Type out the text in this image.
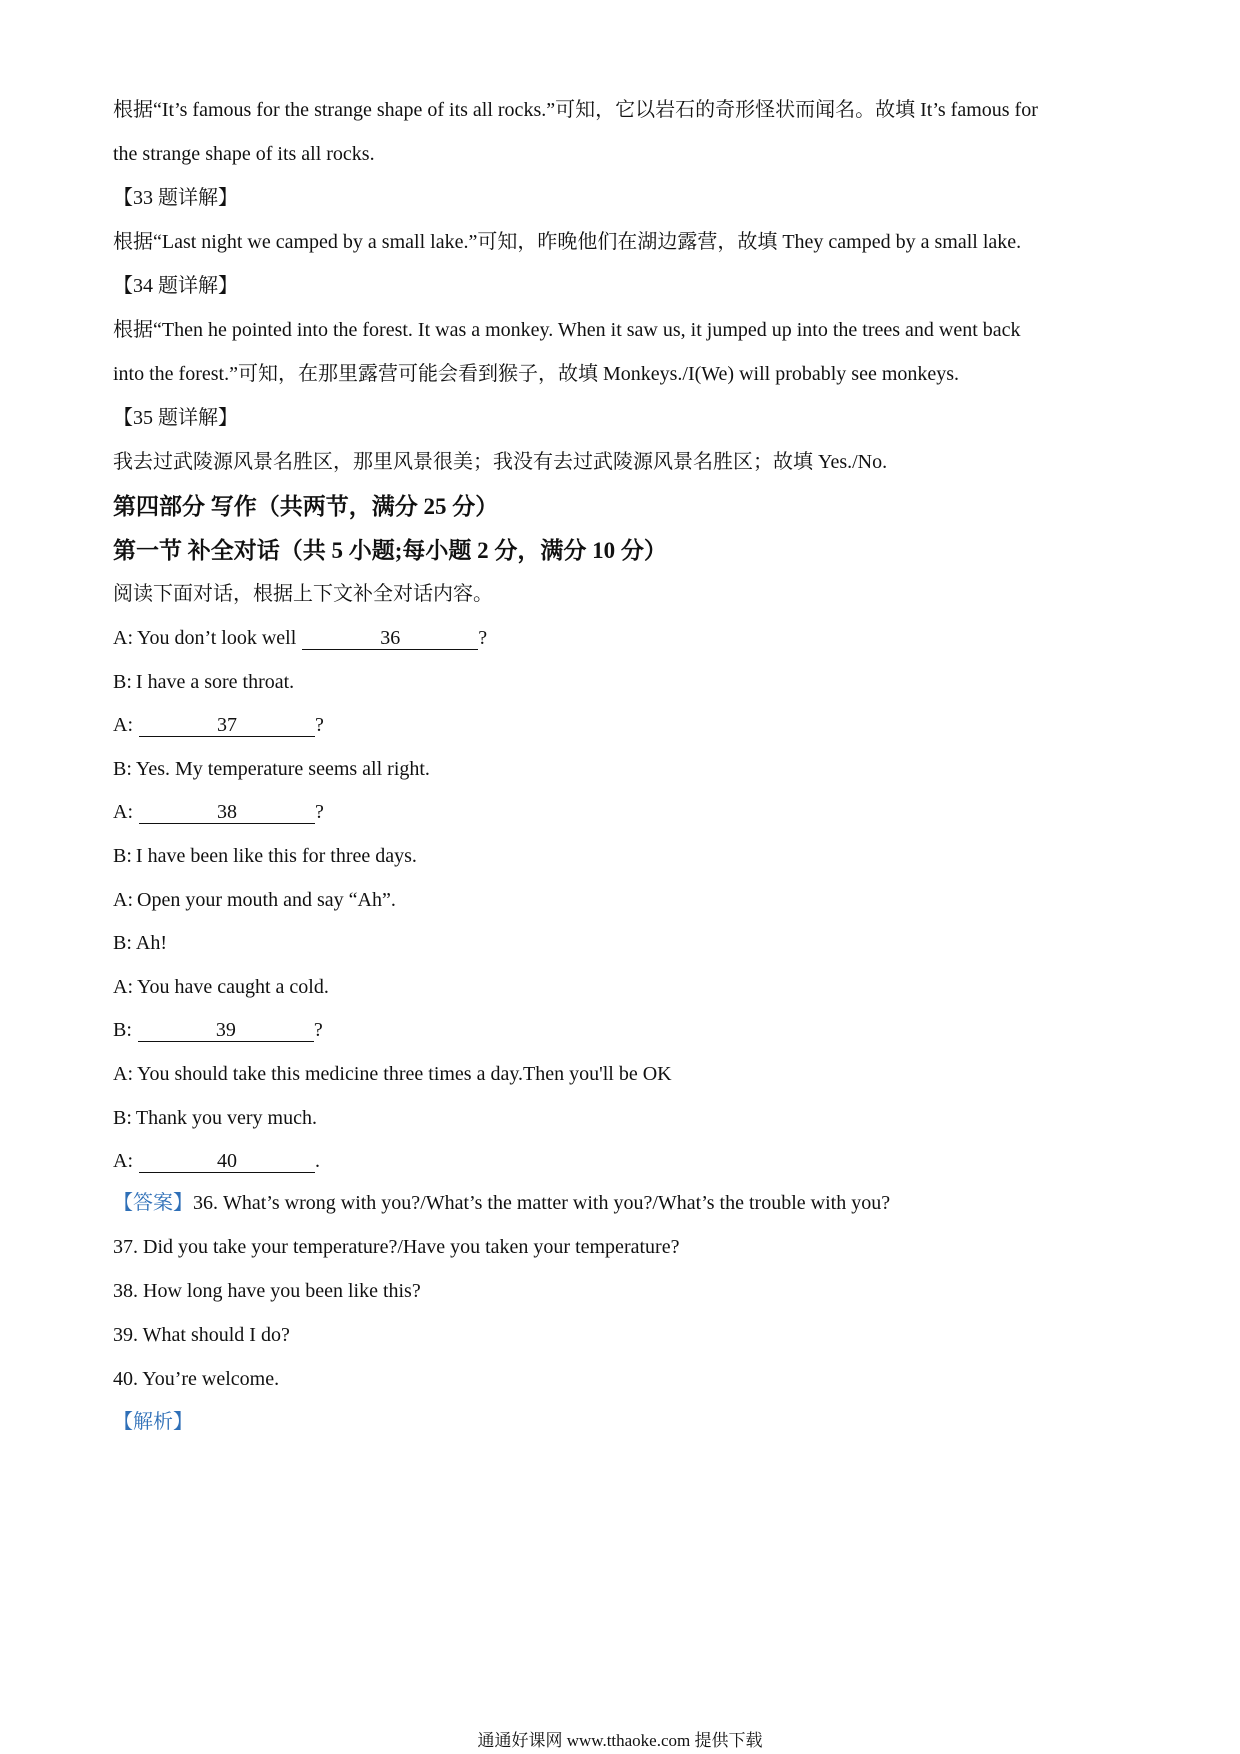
根据“It’s famous for the strange shape of its all rocks.”可知，它以岩石的奇形怪状而闻名。故填 It’s famous for
the strange shape of its all rocks.
【33 题详解】
根据“Last night we camped by a small lake.”可知，昨晚他们在湖边露营，故填 They camped by a small lake.
【34 题详解】
根据“Then he pointed into the forest. It was a monkey. When it saw us, it jumped up into the trees and went back
into the forest.”可知，在那里露营可能会看到猴子，故填 Monkeys./I(We) will probably see monkeys.
【35 题详解】
我去过武陵源风景名胜区，那里风景很美；我没有去过武陵源风景名胜区；故填 Yes./No.
第四部分 写作（共两节，满分 25 分）
第一节 补全对话（共 5 小题;每小题 2 分，满分 10 分）
阅读下面对话，根据上下文补全对话内容。
A: You don’t look well	36	?
B: I have a sore throat.
A:	37	?
B: Yes. My temperature seems all right.
A:	38	?
B: I have been like this for three days.
A: Open your mouth and say “Ah”.
B: Ah!
A: You have caught a cold.
B:	39	?
A: You should take this medicine three times a day.Then you'll be OK
B: Thank you very much.
A:	40	.
【答案】36. What’s wrong with you?/What’s the matter with you?/What’s the trouble with you?
37. Did you take your temperature?/Have you taken your temperature?
38. How long have you been like this?
39. What should I do?
40. You’re welcome.
【解析】
通通好课网 www.tthaoke.com 提供下载
